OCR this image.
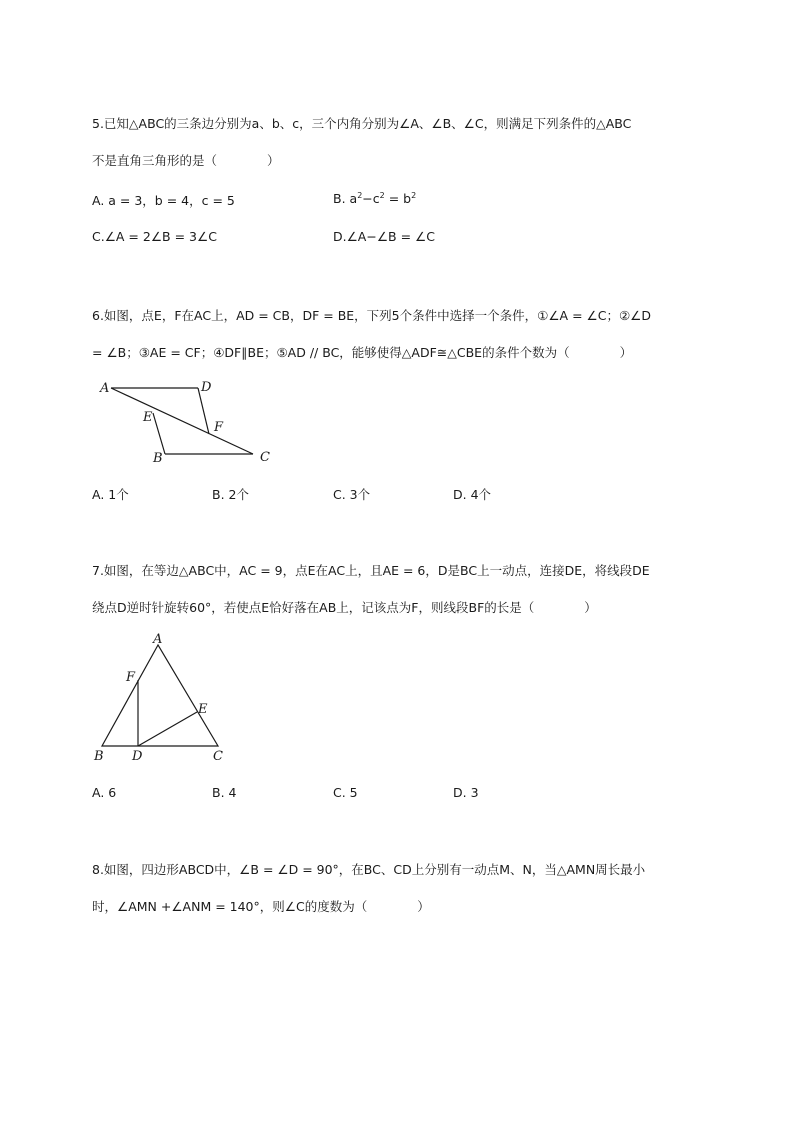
5.已知△ABC的三条边分别为a、b、c，三个内角分别为∠A、∠B、∠C，则满足下列条件的△ABC
不是直角三角形的是（　　　　）
A. a = 3，b = 4，c = 5	B. $a^2-c^2 = b^2$
C.∠A = 2∠B = 3∠C	D.∠A−∠B = ∠C
6.如图，点E，F在AC上，AD = CB，DF = BE，下列5个条件中选择一个条件，①∠A = ∠C；②∠D
= ∠B；③AE = CF；④DF∥BE；⑤AD // BC，能够使得△ADF≅△CBE的条件个数为（　　　　）
A	D
E
F
B	C
A. 1个	B. 2个	C. 3个	D. 4个
7.如图，在等边△ABC中，AC = 9，点E在AC上，且AE = 6，D是BC上一动点，连接DE，将线段DE
绕点D逆时针旋转60°，若使点E恰好落在AB上，记该点为F，则线段BF的长是（　　　　）
A
F
E
B D	C
A. 6	B. 4	C. 5	D. 3
8.如图，四边形ABCD中，∠B = ∠D = 90°，在BC、CD上分别有一动点M、N，当△AMN周长最小
时，∠AMN +∠ANM = 140°，则∠C的度数为（　　　　）
